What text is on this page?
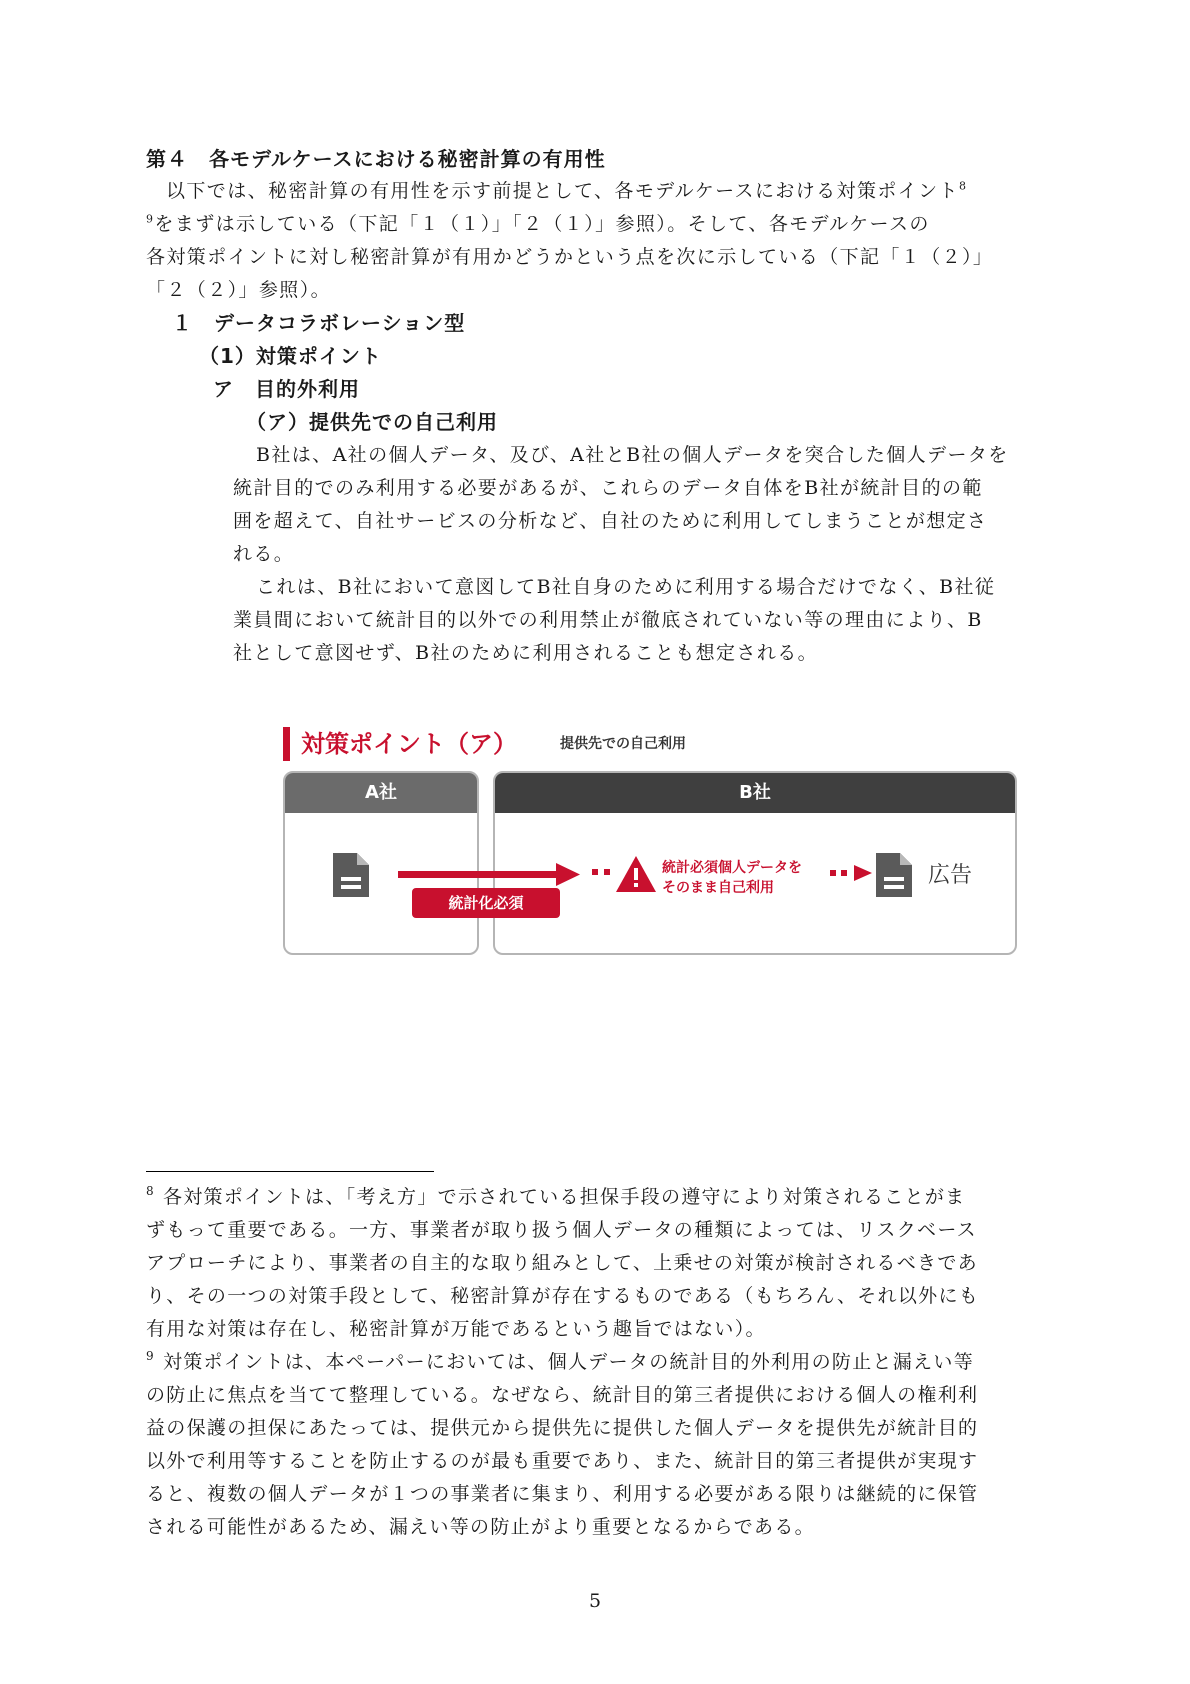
第４　各モデルケースにおける秘密計算の有用性
以下では、秘密計算の有用性を示す前提として、各モデルケースにおける対策ポイント$^8$
$^9$をまずは示している（下記「１（１）」「２（１）」参照）。そして、各モデルケースの
各対策ポイントに対し秘密計算が有用かどうかという点を次に示している（下記「１（２）」
「２（２）」参照）。
１　データコラボレーション型
（1）対策ポイント
ア　目的外利用
（ア）提供先での自己利用
B社は、A社の個人データ、及び、A社とB社の個人データを突合した個人データを
統計目的でのみ利用する必要があるが、これらのデータ自体をB社が統計目的の範
囲を超えて、自社サービスの分析など、自社のために利用してしまうことが想定さ
れる。
これは、B社において意図してB社自身のために利用する場合だけでなく、B社従
業員間において統計目的以外での利用禁止が徹底されていない等の理由により、B
社として意図せず、B社のために利用されることも想定される。
対策ポイント（ア）	提供先での自己利用
A社	B社
統計化必須
統計必須個人データを
そのまま自己利用	広告
$^8$ 各対策ポイントは、「考え方」で示されている担保手段の遵守により対策されることがま
ずもって重要である。一方、事業者が取り扱う個人データの種類によっては、リスクベース
アプローチにより、事業者の自主的な取り組みとして、上乗せの対策が検討されるべきであ
り、その一つの対策手段として、秘密計算が存在するものである（もちろん、それ以外にも
有用な対策は存在し、秘密計算が万能であるという趣旨ではない）。
$^9$ 対策ポイントは、本ペーパーにおいては、個人データの統計目的外利用の防止と漏えい等
の防止に焦点を当てて整理している。なぜなら、統計目的第三者提供における個人の権利利
益の保護の担保にあたっては、提供元から提供先に提供した個人データを提供先が統計目的
以外で利用等することを防止するのが最も重要であり、また、統計目的第三者提供が実現す
ると、複数の個人データが１つの事業者に集まり、利用する必要がある限りは継続的に保管
される可能性があるため、漏えい等の防止がより重要となるからである。
5
